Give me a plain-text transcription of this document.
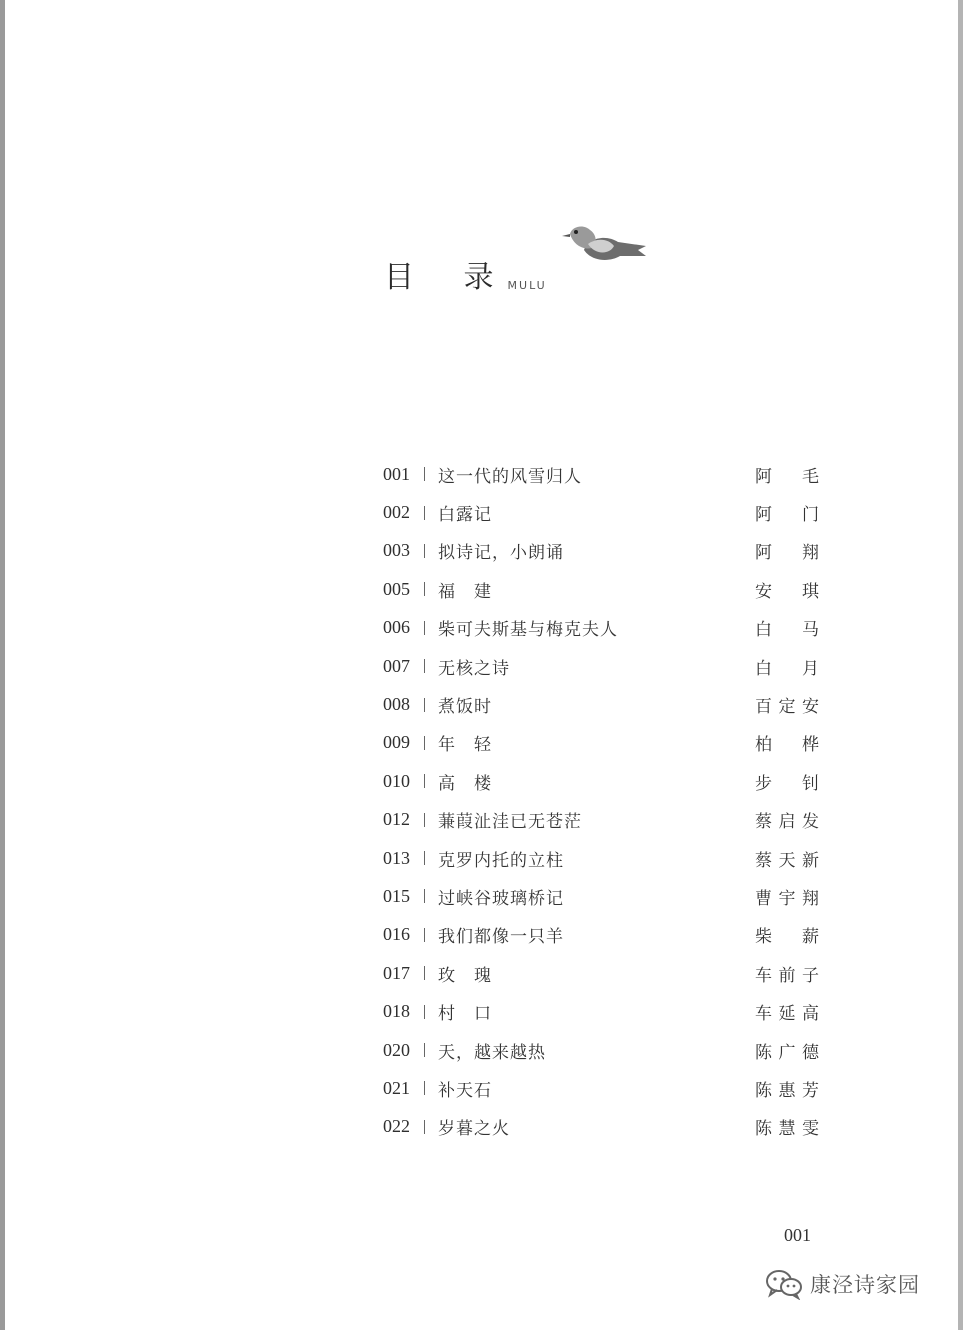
目 录
MULU
001 这一代的风雪归人	阿 毛
002 白露记	阿 门
003 拟诗记，小朗诵	阿 翔
005 福　建	安 琪
006 柴可夫斯基与梅克夫人	白 马
007 无核之诗	白 月
008 煮饭时	百定安
009 年　轻	柏 桦
010 高　楼	步 钊
012 蒹葭沚洼已无苍茫	蔡启发
013 克罗内托的立柱	蔡天新
015 过峡谷玻璃桥记	曹宇翔
016 我们都像一只羊	柴 薪
017 玫　瑰	车前子
018 村　口	车延高
020 天，越来越热	陈广德
021 补天石	陈惠芳
022 岁暮之火	陈慧雯
001
康泾诗家园
